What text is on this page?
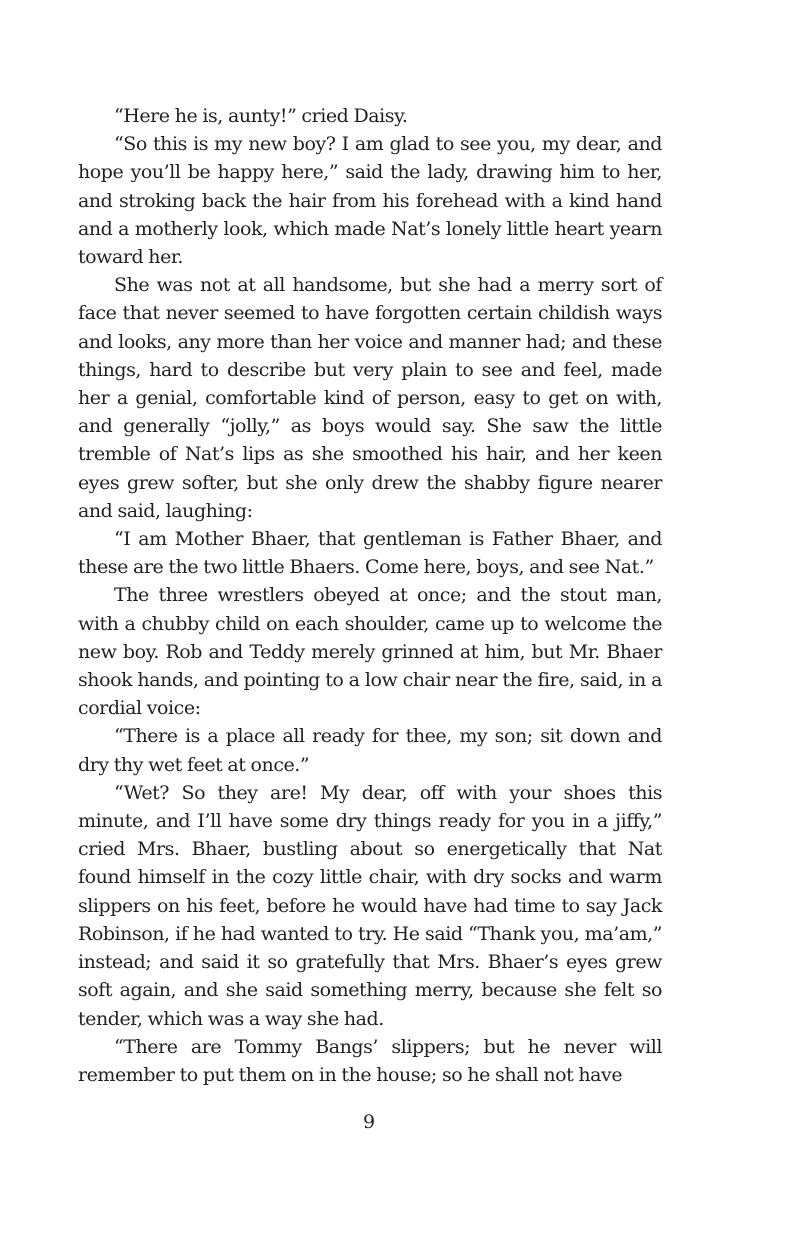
“Here he is, aunty!” cried Daisy.

“So this is my new boy? I am glad to see you, my dear, and hope you’ll be happy here,” said the lady, drawing him to her, and stroking back the hair from his forehead with a kind hand and a motherly look, which made Nat’s lonely little heart yearn toward her.

She was not at all handsome, but she had a merry sort of face that never seemed to have forgotten certain childish ways and looks, any more than her voice and manner had; and these things, hard to describe but very plain to see and feel, made her a genial, comfortable kind of person, easy to get on with, and generally “jolly,” as boys would say. She saw the little tremble of Nat’s lips as she smoothed his hair, and her keen eyes grew softer, but she only drew the shabby figure nearer and said, laughing:

“I am Mother Bhaer, that gentleman is Father Bhaer, and these are the two little Bhaers. Come here, boys, and see Nat.”

The three wrestlers obeyed at once; and the stout man, with a chubby child on each shoulder, came up to welcome the new boy. Rob and Teddy merely grinned at him, but Mr. Bhaer shook hands, and pointing to a low chair near the fire, said, in a cordial voice:

“There is a place all ready for thee, my son; sit down and dry thy wet feet at once.”

“Wet? So they are! My dear, off with your shoes this minute, and I’ll have some dry things ready for you in a jiffy,” cried Mrs. Bhaer, bustling about so energetically that Nat found himself in the cozy little chair, with dry socks and warm slippers on his feet, before he would have had time to say Jack Robinson, if he had wanted to try. He said “Thank you, ma’am,” instead; and said it so gratefully that Mrs. Bhaer’s eyes grew soft again, and she said something merry, because she felt so tender, which was a way she had.

“There are Tommy Bangs’ slippers; but he never will remember to put them on in the house; so he shall not have

9
